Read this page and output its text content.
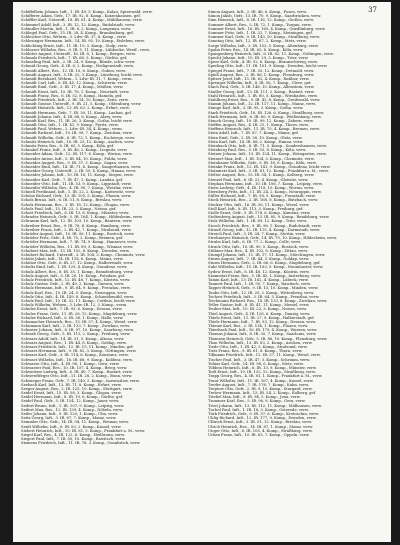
37

Schiffelbein Johann, Inft., 1. IR. 49, 5. Komp., Kalau, Spreewald, verw.

Schifferer Adam, Gefr., 17. IR. 92, 6. Komp., Kutzenhausen, gef.

Schiffler Karl, Unteroff., 18. IR. 61, 4. Komp., Mühlhausen, verw.

Schimmel Adolf, Inft., 3. IR. 12, 12. Komp., Rudolstadt, verw.

Schindler Martin, Inft., 1. IR. 6, 2. Komp., Langenau, verw.

Schlegel Paul, Gefr., 15. IR. 28, 4. Komp., Brandenburg, gef.

Schleicher Otto, Wehrm., 3. Ldw.-IR. 37, 8. Komp., verw.

Schlesinger Hermann, Inft., 14. IR. 95, 10. Komp., Eisleben, verw.

Schlichting Ernst, Inft., 11. IR. 19, 3. Komp., Stolp, verw.

Schlosser Wilhelm, Res., 9. IR. 5, 11. Komp., Lübbecke, Westf., verw.

Schlüter August, Unteroff., 16. IR. 8, 1. Komp., Bergen, verw.

Schmalz Friedrich, Inft., 7. IR. 66, 5. Komp., Görlitz, gef.

Schmeling Paul, Inft., 2. IR. 24, 9. Komp., Bünde, schw. verw.

Schmid Georg, Gefr., 4. IR. 8, 2. Komp., Heiligenstadt, verw.

Schmidt Albert, Res., 12. IR. 10, 6. Komp., Guben, verw.

Schmidt August, Inft., 5. IR. 32, 3. Komp., Lüneburg, leicht verw.

Schmidt Bernhard, Wehrm., 1. Ldw.-IR. 11, 7. Komp., verm.

Schmidt Carl, Inft., 8. IR. 45, 12. Komp., Schwerin, verw.

Schmidt Emil, Gefr., 3. IR. 17, 4. Komp., Meißen, verw.

Schmidt Ernst, Inft., 10. IR. 78, 1. Komp., Neustadt, verw.

Schmidt Franz, Res., 6. IR. 52, 8. Komp., Hameln, gef.

Schmidt Friedrich, Inft., 2. IR. 14, 10. Komp., Zeitz, verw.

Schmidt Gustav, Unteroff., 9. IR. 21, 5. Komp., Oldenburg, verw.

Schmidt Heinrich, Inft., 13. IR. 63, 2. Komp., Erfurt, verw.

Schmidt Hermann, Gefr., 7. IR. 30, 11. Komp., Lauban, gef.

Schmidt Johann, Inft., 4. IR. 88, 6. Komp., Alzey, verw.

Schmidt Karl, Res., 11. IR. 26, 3. Komp., Gotha, leicht verw.

Schmidt Otto, Inft., 1. IR. 41, 9. Komp., Pyritz, verw.

Schmidt Paul, Wehrm., 2. Ldw.-IR. 34, 4. Komp., verm.

Schmidt Richard, Inft., 15. IR. 99, 7. Komp., Zwickau, verw.

Schmidt Wilhelm, Gefr., 6. IR. 73, 1. Komp., Eschwege, verw.

Schmitz Heinrich, Inft., 16. IR. 25, 12. Komp., Aachen, verw.

Schmitz Peter, Res., 8. IR. 65, 5. Komp., Köln, gef.

Schnabel Franz, Inft., 3. IR. 46, 2. Komp., Liegnitz, verw.

Schneider Adam, Gefr., 12. IR. 117, 8. Komp., Worms, verw.

Schneider Anton, Inft., 5. IR. 84, 10. Komp., Fulda, verw.

Schneider August, Res., 9. IR. 37, 3. Komp., Sagan, verw.

Schneider Emil, Inft., 14. IR. 71, 6. Komp., Sangerhausen, verw.

Schneider Georg, Unteroff., 2. IR. 59, 4. Komp., Hanau, verw.

Schneider Johann, Inft., 10. IR. 16, 11. Komp., Siegen, verw.

Schneider Karl, Gefr., 7. IR. 47, 1. Komp., Landau, gef.

Schneider Otto, Inft., 11. IR. 53, 9. Komp., Lippstadt, verw.

Schneider Wilhelm, Res., 4. IR. 90, 7. Komp., Wetzlar, verw.

Schnell Ferdinand, Inft., 1. IR. 22, 2. Komp., Kattowitz, verw.

Schöne Richard, Gefr., 13. IR. 105, 5. Komp., Plauen, verw.

Scholz Bruno, Inft., 6. IR. 51, 8. Komp., Breslau, verw.

Scholz Hermann, Res., 3. IR. 18, 12. Komp., Glogau, verw.

Scholz Paul, Inft., 15. IR. 23, 3. Komp., Neisse, gef.

Schott Friedrich, Inft., 8. IR. 13, 6. Komp., Münster, verw.

Schrader Heinrich, Gefr., 5. IR. 164, 1. Komp., Hildesheim, verw.

Schramm Karl, Inft., 12. IR. 103, 10. Komp., Bautzen, verw.

Schreiber Ernst, Res., 9. IR. 76, 4. Komp., Hamburg, verw.

Schreiber Franz, Inft., 2. IR. 42, 7. Komp., Stralsund, verw.

Schröder August, Inft., 10. IR. 90, 11. Komp., Rostock, verw.

Schröder Fritz, Gefr., 4. IR. 75, 2. Komp., Bremen, gef.

Schröder Hermann, Inft., 7. IR. 74, 9. Komp., Hannover, verw.

Schröder Wilhelm, Res., 11. IR. 89, 5. Komp., Wismar, verw.

Schubert Max, Inft., 13. IR. 102, 8. Komp., Dresden, verw.

Schubert Richard, Unteroff., 3. IR. 104, 3. Komp., Chemnitz, verw.

Schütz Jakob, Inft., 14. IR. 118, 6. Komp., Mainz, verw.

Schütze Otto, Gefr., 6. IR. 27, 12. Komp., Halberstadt, verw.

Schultz Emil, Inft., 1. IR. 129, 4. Komp., Graudenz, verw.

Schulz Albert, Res., 8. IR. 35, 1. Komp., Brandenburg, verw.

Schulz August, Inft., 5. IR. 20, 10. Komp., Potsdam, gef.

Schulz Friedrich, Inft., 12. IR. 48, 7. Komp., Küstrin, verw.

Schulz Gustav, Gefr., 2. IR. 49, 2. Komp., Gnesen, verw.

Schulz Hermann, Inft., 9. IR. 64, 9. Komp., Prenzlau, verw.

Schulz Karl, Res., 15. IR. 24, 5. Komp., Neuruppin, verw.

Schulz Otto, Inft., 4. IR. 149, 8. Komp., Schneidemühl, verw.

Schulz Paul, Inft., 10. IR. 52, 11. Komp., Cottbus, leicht verw.

Schulz Wilhelm, Wehrm., 3. Ldw.-IR. 12, 3. Komp., verm.

Schulze Ernst, Inft., 7. IR. 93, 6. Komp., Dessau, verw.

Schulze Franz, Gefr., 11. IR. 26, 12. Komp., Magdeburg, verw.

Schulze Richard, Inft., 6. IR. 36, 1. Komp., Halle, verw.

Schumacher Heinrich, Res., 13. IR. 57, 4. Komp., Wesel, verw.

Schumann Karl, Inft., 2. IR. 133, 7. Komp., Zwickau, verw.

Schuster Johann, Inft., 8. IR. 97, 10. Komp., Saarburg, verw.

Schwab Georg, Gefr., 5. IR. 113, 2. Komp., Freiburg, verw.

Schwarz Adolf, Inft., 14. IR. 31, 5. Komp., Altona, verw.

Schwarz August, Res., 1. IR. 44, 8. Komp., Goldap, verw.

Schwarz Friedrich, Inft., 12. IR. 15, 11. Komp., Minden, gef.

Schwarz Hermann, Inft., 9. IR. 82, 3. Komp., Göttingen, verw.

Schwarz Karl, Gefr., 3. IR. 114, 6. Komp., Konstanz, verw.

Schwarz Wilhelm, Inft., 16. IR. 68, 9. Komp., Koblenz, verw.

Schwarze Otto, Inft., 4. IR. 96, 1. Komp., Gera, verw.

Schwarzer Paul, Res., 10. IR. 157, 4. Komp., Brieg, verw.

Schweitzer Ludwig, Inft., 6. IR. 40, 7. Komp., Rastatt, verw.

Schwerdtfeger Otto, Inft., 11. IR. 28, 2. Komp., Bonn, verw.

Schwieger Franz, Gefr., 7. IR. 140, 5. Komp., Inowrazlaw, verw.

Seebach Karl, Inft., 13. IR. 71, 8. Komp., Erfurt, verw.

Seeger August, Res., 2. IR. 125, 10. Komp., Stuttgart, verw.

Seidel Ernst, Inft., 15. IR. 58, 3. Komp., Glogau, verw.

Seidel Hermann, Inft., 8. IR. 19, 6. Komp., Görlitz, gef.

Seidel Paul, Gefr., 5. IR. 154, 12. Komp., Jauer, verw.

Seifert Bruno, Inft., 1. IR. 107, 9. Komp., Leipzig, verw.

Seifert Max, Res., 12. IR. 139, 4. Komp., Döbeln, verw.

Seiler Johann, Inft., 9. IR. 120, 1. Komp., Ulm, verw.

Seitz Georg, Inft., 3. IR. 87, 7. Komp., Mainz, verw.

Semmler Otto, Gefr., 14. IR. 94, 11. Komp., Weimar, verw.

Senft Wilhelm, Inft., 6. IR. 83, 2. Komp., Kassel, verw.

Siebert Heinrich, Inft., 10. IR. 81, 5. Komp., Frankfurt a. M., verw.

Siegel Karl, Res., 4. IR. 122, 8. Komp., Heilbronn, verw.

Siegert Paul, Inft., 7. IR. 50, 10. Komp., Rawitsch, verw.

Siemens Friedrich, Inft., 11. IR. 78, 3. Komp., Osnabrück, verw.

Simon August, Inft., 2. IR. 46, 6. Komp., Posen, verw.

Simon Jakob, Gefr., 13. IR. 70, 9. Komp., Saarbrücken, verw.

Sinn Heinrich, Inft., 8. IR. 116, 12. Komp., Gießen, verw.

Sommer Albert, Res., 5. IR. 72, 1. Komp., Torgau, verw.

Sommer Ernst, Inft., 16. IR. 165, 4. Komp., Quedlinburg, verw.

Sommer Fritz, Inft., 1. IR. 32, 7. Komp., Meiningen, gef.

Sommer Karl, Gefr., 9. IR. 143, 10. Komp., Straßburg, verw.

Sonntag Otto, Inft., 12. IR. 67, 2. Komp., Metz, verw.

Sorge Wilhelm, Inft., 3. IR. 153, 5. Komp., Altenburg, verw.

Spahn Peter, Res., 14. IR. 65, 8. Komp., Köln, verw.

Spangenberg Heinrich, Inft., 6. IR. 82, 11. Komp., Göttingen, verw.

Specht Johann, Inft., 10. IR. 29, 3. Komp., Trier, verw.

Speer Karl, Gefr., 4. IR. 92, 6. Komp., Braunschweig, verw.

Sperling Otto, Inft., 11. IR. 101, 9. Komp., Dresden, leicht verw.

Spiegel Franz, Inft., 7. IR. 55, 12. Komp., Detmold, verw.

Spieß August, Res., 2. IR. 86, 1. Komp., Flensburg, verw.

Spitzer Josef, Inft., 15. IR. 62, 4. Komp., Ratibor, verw.

Sprenger Wilhelm, Inft., 8. IR. 56, 7. Komp., Cleve, gef.

Stach Paul, Gefr., 5. IR. 146, 10. Komp., Allenstein, verw.

Stadler Georg, Inft., 13. IR. 111, 2. Komp., Rastatt, verw.

Stahl Heinrich, Inft., 1. IR. 80, 5. Komp., Wiesbaden, verw.

Stahlberg Ernst, Res., 9. IR. 42, 8. Komp., Greifswald, verw.

Stamm Johann, Inft., 12. IR. 117, 11. Komp., Mainz, verw.

Stange Karl, Inft., 3. IR. 95, 3. Komp., Gotha, verw.

Stark Friedrich, Gefr., 16. IR. 126, 6. Komp., Straßburg, verw.

Stark Hermann, Inft., 6. IR. 60, 9. Komp., Weißenburg, verw.

Stauch Georg, Inft., 10. IR. 99, 12. Komp., Zabern, verw.

Steffen August, Res., 4. IR. 21, 1. Komp., Thorn, verw.

Steffens Heinrich, Inft., 11. IR. 75, 4. Komp., Bremen, verw.

Stein Adolf, Inft., 7. IR. 87, 7. Komp., Mainz, gef.

Stein Emil, Gefr., 2. IR. 38, 10. Komp., Glatz, verw.

Stein Karl, Inft., 14. IR. 88, 2. Komp., Hanau, verw.

Steinbach Otto, Inft., 8. IR. 71, 5. Komp., Sondershausen, verw.

Steinberg Paul, Res., 5. IR. 53, 8. Komp., Köln, verw.

Steiner Johann, Inft., 13. IR. 124, 11. Komp., Weingarten, verw.

Steinert Max, Inft., 1. IR. 104, 3. Komp., Chemnitz, verw.

Steinhauer Wilhelm, Gefr., 9. IR. 16, 6. Komp., Köln, verw.

Steinke Franz, Inft., 12. IR. 141, 9. Komp., Graudenz, leicht verw.

Steinmetz Karl, Inft., 3. IR. 81, 12. Komp., Frankfurt a. M., verw.

Stelter August, Res., 15. IR. 54, 1. Komp., Kolberg, verw.

Stenzel Paul, Inft., 6. IR. 22, 4. Komp., Gleiwitz, verw.

Stephan Hermann, Inft., 10. IR. 106, 7. Komp., Leipzig, verw.

Stern Ludwig, Gefr., 4. IR. 118, 10. Komp., Worms, verw.

Sternberg Fritz, Inft., 11. IR. 24, 2. Komp., Neuruppin, verw.

Stiller Richard, Inft., 7. IR. 58, 5. Komp., Fraustadt, verw.

Stock Heinrich, Res., 2. IR. 168, 8. Komp., Butzbach, verw.

Stöcker Otto, Inft., 16. IR. 56, 11. Komp., Wesel, verw.

Stoll Karl, Inft., 8. IR. 113, 3. Komp., Freiburg, gef.

Stolle Ernst, Gefr., 5. IR. 178, 6. Komp., Kamenz, verw.

Stoltenberg August, Inft., 13. IR. 85, 9. Komp., Rendsburg, verw.

Stolz Wilhelm, Inft., 1. IR. 69, 12. Komp., Trier, verw.

Storch Friedrich, Res., 9. IR. 96, 1. Komp., Rudolstadt, verw.

Strauß Georg, Inft., 12. IR. 115, 4. Komp., Darmstadt, verw.

Streich Paul, Inft., 3. IR. 34, 7. Komp., Stettin, verw.

Strohmeyer Heinrich, Gefr., 14. IR. 79, 10. Komp., Hildesheim, verw.

Strube Karl, Inft., 6. IR. 77, 2. Komp., Celle, verw.

Struck Otto, Inft., 10. IR. 90, 5. Komp., Rostock, verw.

Stübner Max, Res., 4. IR. 102, 8. Komp., Zittau, verw.

Stumpf Johann, Inft., 11. IR. 17, 11. Komp., Mörchingen, verw.

Sturm August, Inft., 7. IR. 44, 3. Komp., Goldap, verw.

Sturm Hermann, Gefr., 2. IR. 66, 6. Komp., Magdeburg, gef.

Suhr Wilhelm, Inft., 15. IR. 163, 9. Komp., Neumünster, verw.

Sydow Ernst, Inft., 8. IR. 48, 12. Komp., Küstrin, verw.

Szameitat Franz, Res., 5. IR. 45, 1. Komp., Insterburg, verw.

Tamm Karl, Inft., 13. IR. 162, 4. Komp., Lübeck, verw.

Tannert Paul, Inft., 1. IR. 50, 7. Komp., Rawitsch, verw.

Tapper Heinrich, Gefr., 9. IR. 15, 10. Komp., Minden, verw.

Taube Otto, Inft., 12. IR. 20, 2. Komp., Wittenberg, verw.

Techow Friedrich, Inft., 3. IR. 64, 5. Komp., Prenzlau, verw.

Teichmann Richard, Res., 14. IR. 133, 8. Komp., Zwickau, verw.

Teller Gustav, Inft., 6. IR. 41, 11. Komp., Memel, verw.

Teuber Max, Inft., 10. IR. 23, 3. Komp., Neisse, verw.

Thiel August, Gefr., 4. IR. 128, 6. Komp., Danzig, verw.

Thiele Ernst, Inft., 11. IR. 27, 9. Komp., Halberstadt, gef.

Thiele Hermann, Inft., 7. IR. 93, 12. Komp., Dessau, verw.

Thieme Karl, Res., 2. IR. 134, 1. Komp., Plauen, verw.

Thierbach Paul, Inft., 16. IR. 179, 4. Komp., Wurzen, verw.

Thomas Johann, Inft., 8. IR. 30, 7. Komp., Saarlouis, verw.

Thomsen Heinrich, Gefr., 5. IR. 86, 10. Komp., Flensburg, verw.

Thon Wilhelm, Inft., 13. IR. 83, 2. Komp., Arolsen, verw.

Tiede Otto, Inft., 1. IR. 42, 5. Komp., Stralsund, verw.

Tietz Franz, Res., 9. IR. 61, 8. Komp., Thorn, verw.

Tillmann Friedrich, Inft., 12. IR. 57, 11. Komp., Wesel, verw.

Tischer Paul, Inft., 3. IR. 47, 3. Komp., Schrimm, verw.

Tobias Karl, Gefr., 14. IR. 98, 6. Komp., Metz, verw.

Többen Heinrich, Inft., 6. IR. 13, 9. Komp., Münster, verw.

Todt Ernst, Inft., 10. IR. 132, 12. Komp., Straßburg, verw.

Trapp Georg, Res., 4. IR. 81, 1. Komp., Frankfurt a. M., verw.

Traut Wilhelm, Inft., 11. IR. 167, 4. Komp., Kassel, verw.

Treder August, Inft., 7. IR. 176, 7. Komp., Kulm, verw.

Treptow Otto, Gefr., 2. IR. 9, 10. Komp., Stargard, verw.

Tretow Hermann, Inft., 15. IR. 54, 2. Komp., Kolberg, gef.

Triebel Max, Inft., 8. IR. 94, 5. Komp., Jena, verw.

Trommer Karl, Res., 5. IR. 96, 8. Komp., Gera, verw.

Trost Johann, Inft., 13. IR. 112, 11. Komp., Mülhausen, verw.

Tuchel Paul, Inft., 1. IR. 18, 3. Komp., Osterode, verw.

Türk Friedrich, Gefr., 9. IR. 37, 6. Komp., Krotoschin, verw.

Uhlig Richard, Inft., 12. IR. 177, 9. Komp., Dresden, verw.

Ulbrich Ernst, Inft., 3. IR. 51, 12. Komp., Breslau, verw.

Ulrich Heinrich, Res., 14. IR. 87, 1. Komp., Mainz, verw.

Unger Otto, Inft., 6. IR. 105, 4. Komp., Straßburg, verw.

Urban Franz, Inft., 10. IR. 63, 7. Komp., Oppeln, verw.
